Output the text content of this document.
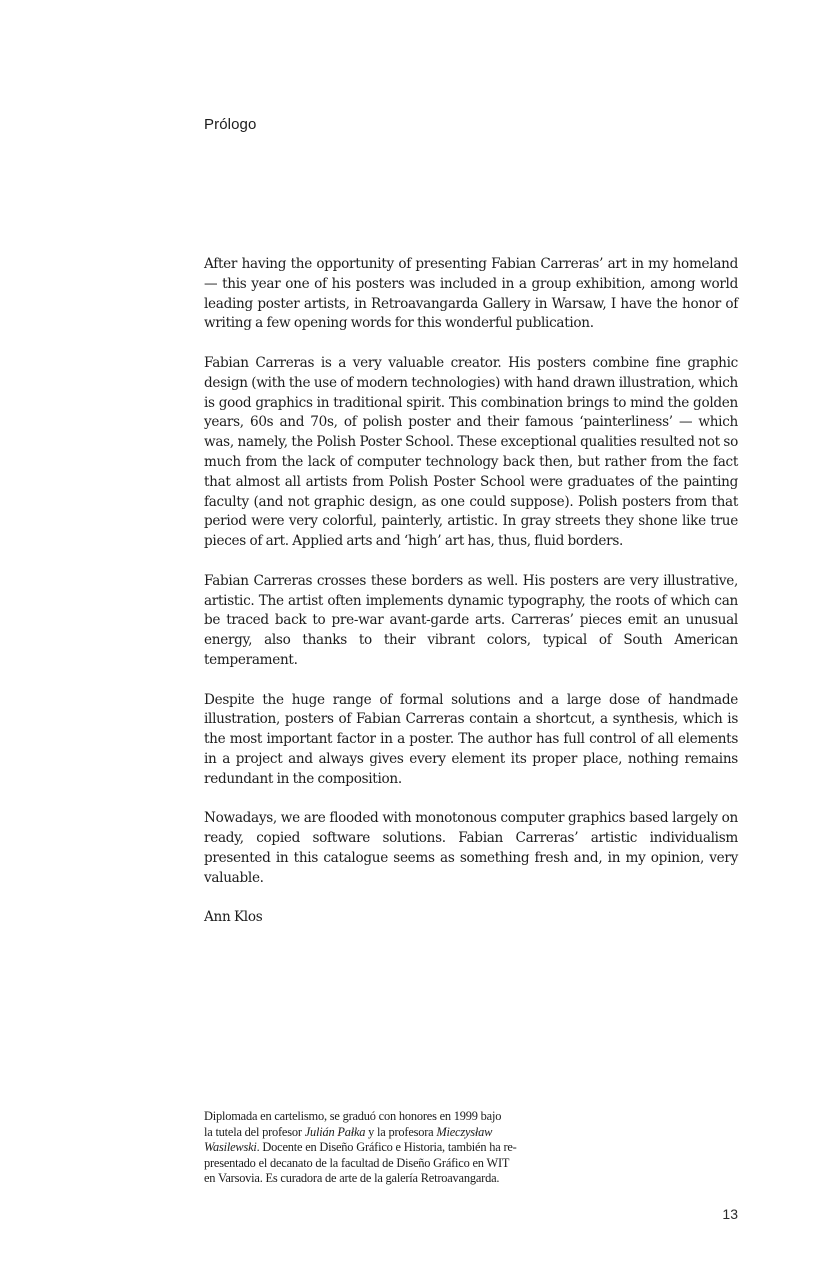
Prólogo

After having the opportunity of presenting Fabian Carreras’ art in my homeland — this year one of his posters was included in a group exhibition, among world leading poster artists, in Retroavangarda Gallery in Warsaw, I have the honor of writing a few opening words for this wonderful publication.

Fabian Carreras is a very valuable creator. His posters combine fine graphic design (with the use of modern technologies) with hand drawn illustration, which is good graphics in traditional spirit. This combination brings to mind the golden years, 60s and 70s, of polish poster and their famous ‘painterliness’ — which was, namely, the Polish Poster School. These exceptional qualities resulted not so much from the lack of computer technology back then, but rather from the fact that almost all artists from Polish Poster School were graduates of the painting faculty (and not graphic design, as one could suppose). Polish posters from that period were very colorful, painterly, artistic. In gray streets they shone like true pieces of art. Applied arts and ‘high’ art has, thus, fluid borders.

Fabian Carreras crosses these borders as well. His posters are very illustrative, artistic. The artist often implements dynamic typography, the roots of which can be traced back to pre-war avant-garde arts. Carreras’ pieces emit an unusual energy, also thanks to their vibrant colors, typical of South American temperament.

Despite the huge range of formal solutions and a large dose of handmade illustration, posters of Fabian Carreras contain a shortcut, a synthesis, which is the most important factor in a poster. The author has full control of all elements in a project and always gives every element its proper place, nothing remains redundant in the composition.

Nowadays, we are flooded with monotonous computer graphics based largely on ready, copied software solutions. Fabian Carreras’ artistic individualism presented in this catalogue seems as something fresh and, in my opinion, very valuable.

Ann Klos

Diplomada en cartelismo, se graduó con honores en 1999 bajo
la tutela del profesor Julián Pałka y la profesora Mieczysław
Wasilewski. Docente en Diseño Gráfico e Historia, también ha re-
presentado el decanato de la facultad de Diseño Gráfico en WIT
en Varsovia. Es curadora de arte de la galería Retroavangarda.
13
